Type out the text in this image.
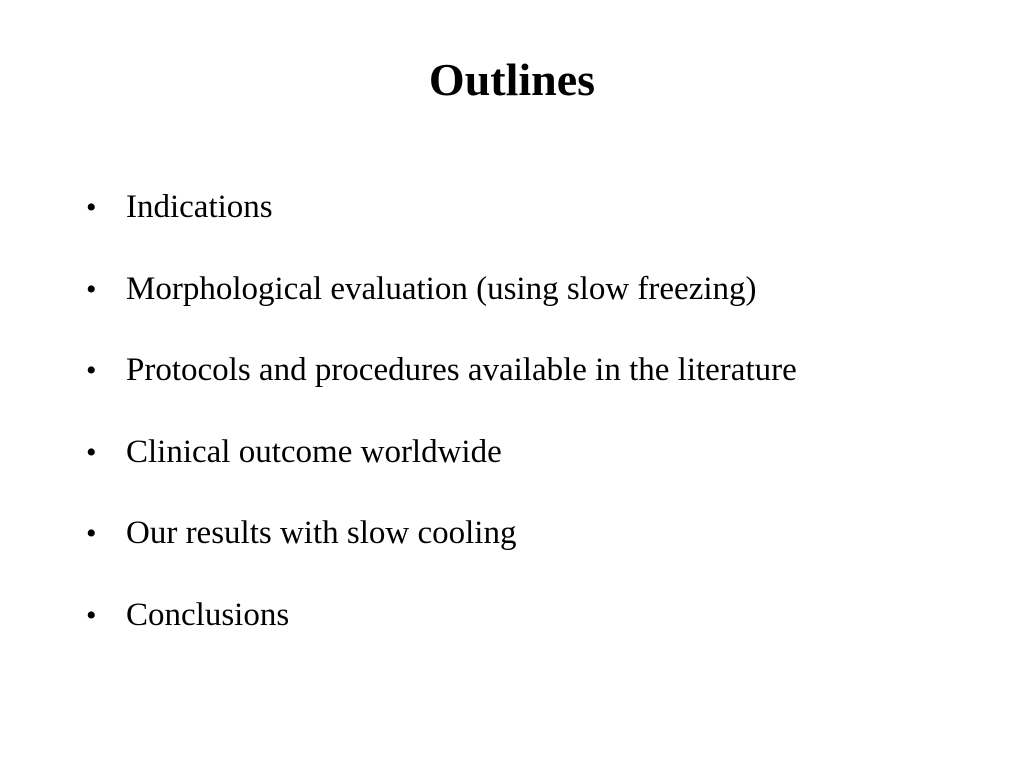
Outlines
• Indications
• Morphological evaluation (using slow freezing)
• Protocols and procedures available in the literature
• Clinical outcome worldwide
• Our results with slow cooling
• Conclusions
